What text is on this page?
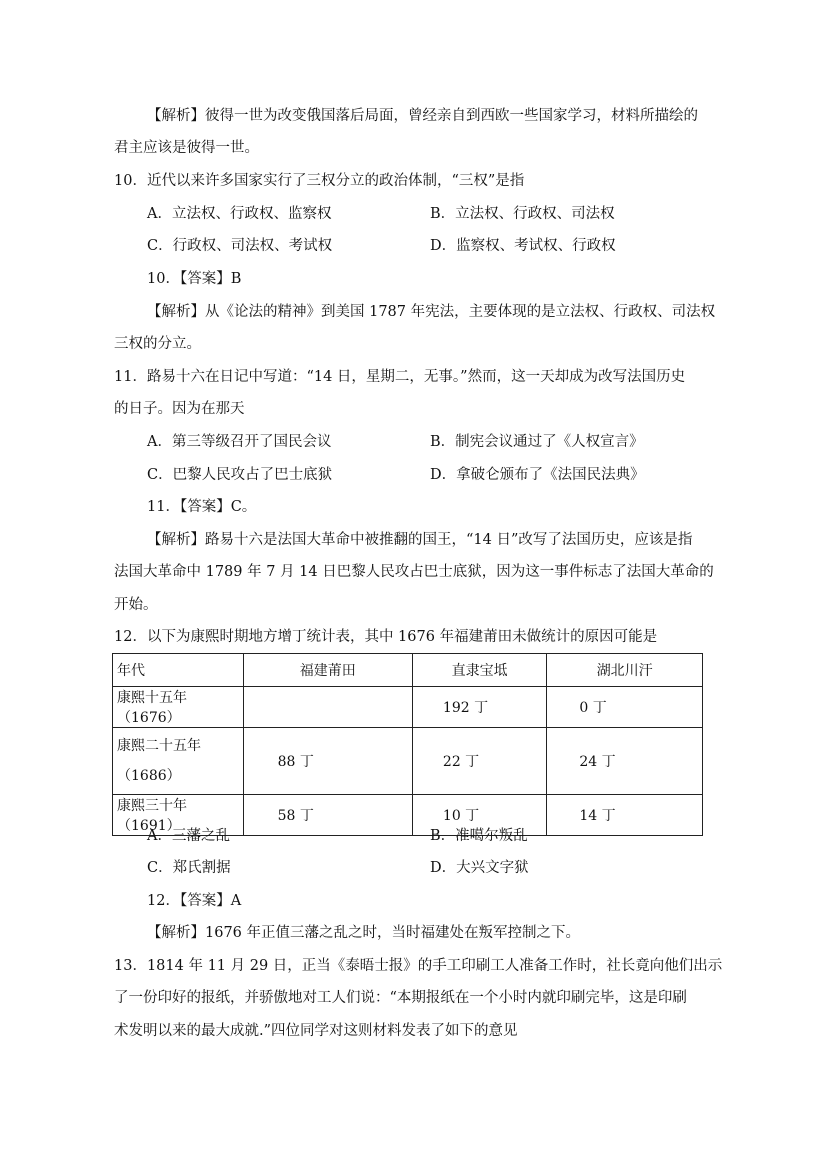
【解析】彼得一世为改变俄国落后局面，曾经亲自到西欧一些国家学习，材料所描绘的
君主应该是彼得一世。
10．近代以来许多国家实行了三权分立的政治体制，“三权”是指
A．立法权、行政权、监察权	B．立法权、行政权、司法权
C．行政权、司法权、考试权	D．监察权、考试权、行政权
10．【答案】B
【解析】从《论法的精神》到美国 1787 年宪法，主要体现的是立法权、行政权、司法权
三权的分立。
11．路易十六在日记中写道：“14 日，星期二，无事。”然而，这一天却成为改写法国历史
的日子。因为在那天
A．第三等级召开了国民会议	B．制宪会议通过了《人权宣言》
C．巴黎人民攻占了巴士底狱	D．拿破仑颁布了《法国民法典》
11．【答案】C。
【解析】路易十六是法国大革命中被推翻的国王，“14 日”改写了法国历史，应该是指
法国大革命中 1789 年 7 月 14 日巴黎人民攻占巴士底狱，因为这一事件标志了法国大革命的
开始。
12．以下为康熙时期地方增丁统计表，其中 1676 年福建莆田未做统计的原因可能是
年代	福建莆田	直隶宝坻	湖北川汗
康熙十五年（1676）		192 丁	0 丁

康熙二十五年
（1686）	88 丁	22 丁	24 丁
康熙三十年（1691）	58 丁	10 丁	14 丁
A．三藩之乱	B．准噶尔叛乱
C．郑氏割据	D．大兴文字狱
12．【答案】A
【解析】1676 年正值三藩之乱之时，当时福建处在叛军控制之下。
13．1814 年 11 月 29 日，正当《泰晤士报》的手工印刷工人准备工作时，社长竟向他们出示
了一份印好的报纸，并骄傲地对工人们说：“本期报纸在一个小时内就印刷完毕，这是印刷
术发明以来的最大成就.”四位同学对这则材料发表了如下的意见
